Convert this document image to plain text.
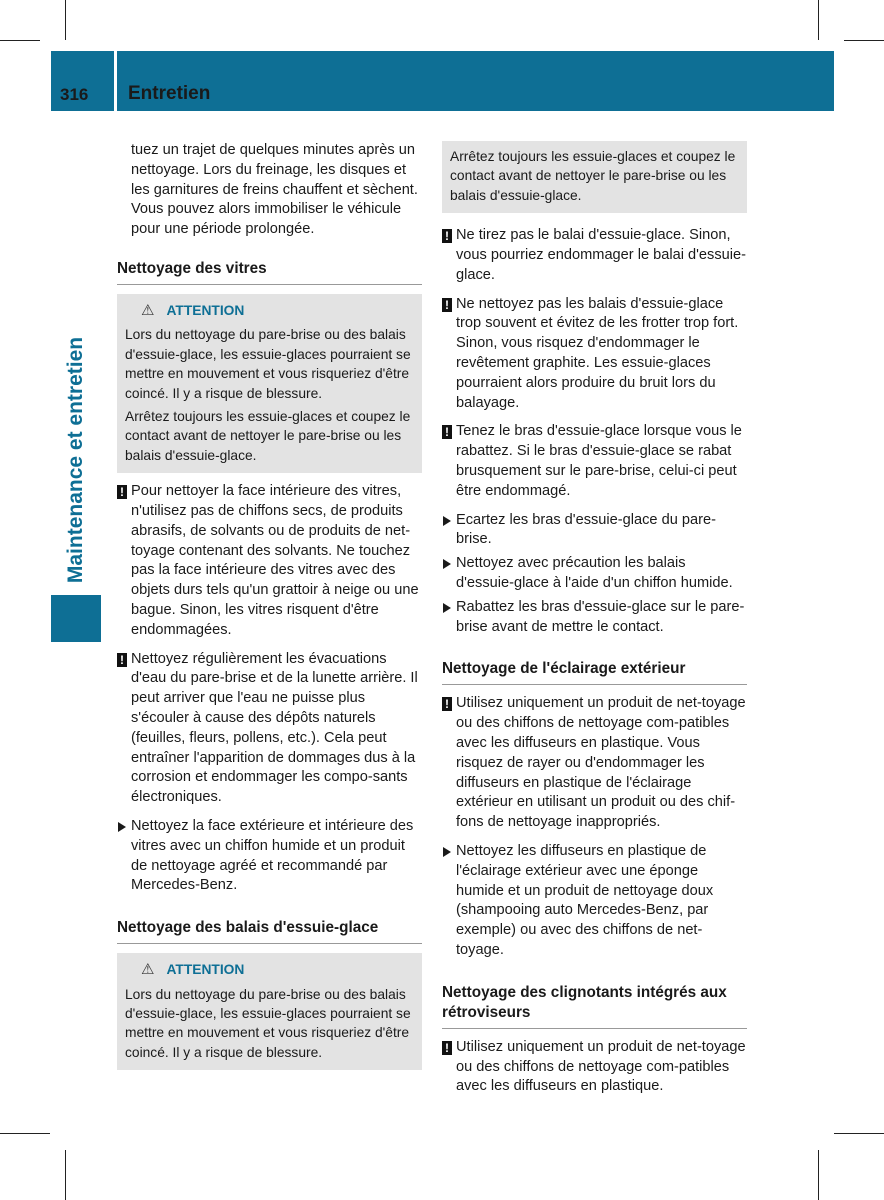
316	Entretien
Maintenance et entretien

tuez un trajet de quelques minutes après un nettoyage. Lors du freinage, les disques et les garnitures de freins chauffent et sèchent. Vous pouvez alors immobiliser le véhicule pour une période prolongée.

Nettoyage des vitres
⚠ ATTENTION

Lors du nettoyage du pare-brise ou des balais d'essuie-glace, les essuie-glaces pourraient se mettre en mouvement et vous risqueriez d'être coincé. Il y a risque de blessure.

Arrêtez toujours les essuie-glaces et coupez le contact avant de nettoyer le pare-brise ou les balais d'essuie-glace.

! Pour nettoyer la face intérieure des vitres, n'utilisez pas de chiffons secs, de produits abrasifs, de solvants ou de produits de net-toyage contenant des solvants. Ne touchez pas la face intérieure des vitres avec des objets durs tels qu'un grattoir à neige ou une bague. Sinon, les vitres risquent d'être endommagées.
! Nettoyez régulièrement les évacuations d'eau du pare-brise et de la lunette arrière. Il peut arriver que l'eau ne puisse plus s'écouler à cause des dépôts naturels (feuilles, fleurs, pollens, etc.). Cela peut entraîner l'apparition de dommages dus à la corrosion et endommager les compo-sants électroniques.
Nettoyez la face extérieure et intérieure des vitres avec un chiffon humide et un produit de nettoyage agréé et recommandé par Mercedes-Benz.
Nettoyage des balais d'essuie-glace
⚠ ATTENTION

Lors du nettoyage du pare-brise ou des balais d'essuie-glace, les essuie-glaces pourraient se mettre en mouvement et vous risqueriez d'être coincé. Il y a risque de blessure.

Arrêtez toujours les essuie-glaces et coupez le contact avant de nettoyer le pare-brise ou les balais d'essuie-glace.
! Ne tirez pas le balai d'essuie-glace. Sinon, vous pourriez endommager le balai d'essuie-glace.
! Ne nettoyez pas les balais d'essuie-glace trop souvent et évitez de les frotter trop fort. Sinon, vous risquez d'endommager le revêtement graphite. Les essuie-glaces pourraient alors produire du bruit lors du balayage.
! Tenez le bras d'essuie-glace lorsque vous le rabattez. Si le bras d'essuie-glace se rabat brusquement sur le pare-brise, celui-ci peut être endommagé.
Ecartez les bras d'essuie-glace du pare-brise.
Nettoyez avec précaution les balais d'essuie-glace à l'aide d'un chiffon humide.
Rabattez les bras d'essuie-glace sur le pare-brise avant de mettre le contact.
Nettoyage de l'éclairage extérieur
! Utilisez uniquement un produit de net-toyage ou des chiffons de nettoyage com-patibles avec les diffuseurs en plastique. Vous risquez de rayer ou d'endommager les diffuseurs en plastique de l'éclairage extérieur en utilisant un produit ou des chif-fons de nettoyage inappropriés.
Nettoyez les diffuseurs en plastique de l'éclairage extérieur avec une éponge humide et un produit de nettoyage doux (shampooing auto Mercedes-Benz, par exemple) ou avec des chiffons de net-toyage.
Nettoyage des clignotants intégrés aux rétroviseurs
! Utilisez uniquement un produit de net-toyage ou des chiffons de nettoyage com-patibles avec les diffuseurs en plastique.
